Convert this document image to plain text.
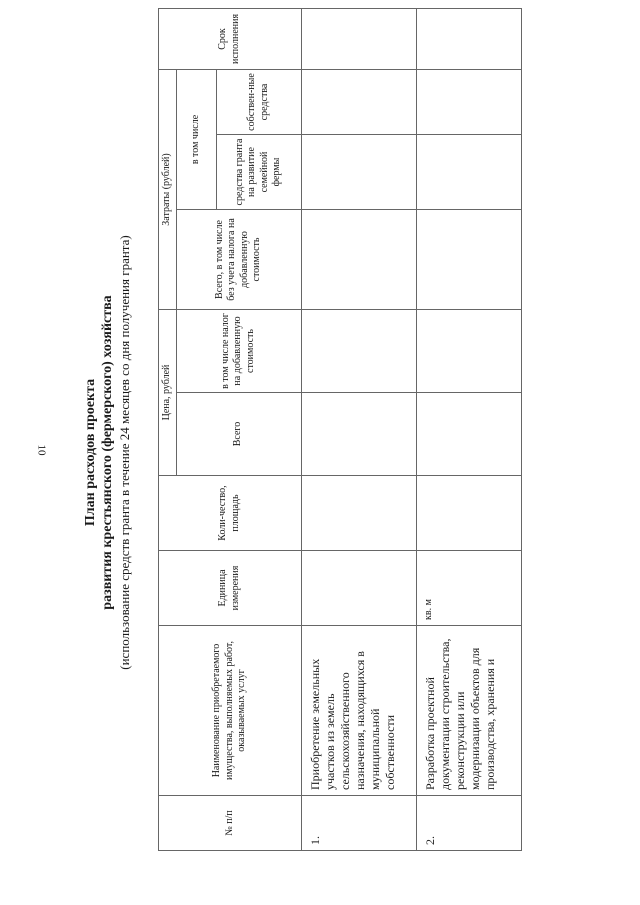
10	План расходов проекта развития крестьянского (фермерского) хозяйства (использование средств гранта в течение 24 месяцев со дня получения гранта)
№ п/п	Наименование приобретаемого имущества, выполняемых работ, оказываемых услуг	Единица измерения	Коли-чество, площадь	Цена, рублей		Затраты (рублей)			Срок исполнения
				Всего	в том числе налог на добавленную стоимость	Всего, в том числе без учета налога на добавленную стоимость	в том числе		
							средства гранта на развитие семейной фермы	собствен-ные средства	
1.	Приобретение земельных участков из земель сельскохозяйственного назначения, находящихся в муниципальной собственности								
2.	Разработка проектной документации строительства, реконструкции или модернизации объектов для производства, хранения и	кв. м							
